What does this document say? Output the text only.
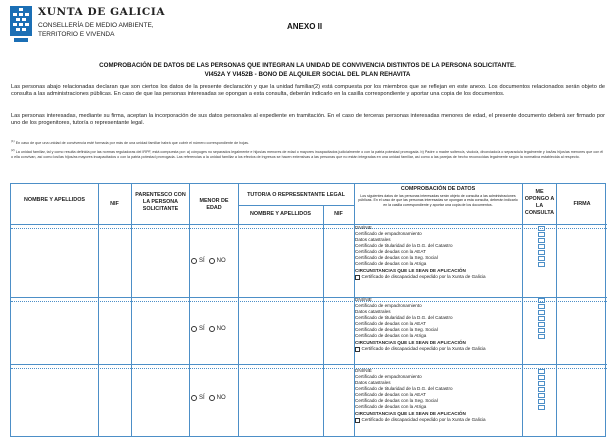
XUNTA DE GALICIA
CONSELLERÍA DE MEDIO AMBIENTE,
TERRITORIO E VIVENDA
ANEXO II
COMPROBACIÓN DE DATOS DE LAS PERSONAS QUE INTEGRAN LA UNIDAD DE CONVIVENCIA DISTINTOS DE LA PERSONA SOLICITANTE.
VI452A Y VI452B - BONO DE ALQUILER SOCIAL DEL PLAN REHAVITA
Las personas abajo relacionadas declaran que son ciertos los datos de la presente declaración y que la unidad familiar(2) está compuesta por los miembros que se reflejan en este anexo. Los documentos relacionados serán objeto de consulta a las administraciones públicas. En caso de que las personas interesadas se opongan a esta consulta, deberán indicarlo en la casilla correspondiente y aportar una copia de los documentos.
Las personas interesadas, mediante su firma, aceptan la incorporación de sus datos personales al expediente en tramitación. En el caso de terceras personas interesadas menores de edad, el presente documento deberá ser firmado por uno de los progenitores, tutor/a o representante legal.
$^{(1)}$ En caso de que una unidad de convivencia esté formada por más de una unidad familiar habrá que cubrir el número correspondiente de hojas.
$^{(2)}$ La unidad familiar, tal y como resulta definida por las normas reguladoras del IRPF, está compuesta por: a) cónyuges no separados legalmente e hijos/as menores de edad o mayores incapacitados judicialmente o con la patria potestad prorrogada. b) Padre o madre soltero/a, viudo/a, divorciado/a o separado/a legalmente y los/las hijos/as menores que con él o ella convivan, así como los/las hijos/as mayores incapacitados o con la patria potestad prorrogada. Las referencias a la unidad familiar a los efectos de ingresos se hacen extensivas a las personas que no están integradas en una unidad familiar, así como a las parejas de hecho reconocidas legalmente según la normativa establecida al respecto.
NOMBRE Y APELLIDOS
NIF
PARENTESCO CON LA PERSONA SOLICITANTE
MENOR DE EDAD
TUTOR/A O REPRESENTANTE LEGAL
NOMBRE Y APELLIDOS	NIF
COMPROBACIÓN DE DATOS
Los siguientes datos de las personas interesadas serán objeto de consulta a las administraciones públicas. En el caso de que las personas interesadas se opongan a esta consulta, deberán indicarlo en la casilla correspondiente y aportar una copia de los documentos.
ME OPONGO A LA CONSULTA
FIRMA
SÍ NO
DNI/NIE
Certificado de empadronamiento
Datos catastrales
Certificado de titularidad de la D.G. del Catastro
Certificado de deudas con la AEAT
Certificado de deudas con la Seg. Social
Certificado de deudas con la Atriga
CIRCUNSTANCIAS QUE LE SEAN DE APLICACIÓN
Certificado de discapacidad expedido por la Xunta de Galicia
SÍ NO
DNI/NIE
Certificado de empadronamiento
Datos catastrales
Certificado de titularidad de la D.G. del Catastro
Certificado de deudas con la AEAT
Certificado de deudas con la Seg. Social
Certificado de deudas con la Atriga
CIRCUNSTANCIAS QUE LE SEAN DE APLICACIÓN
Certificado de discapacidad expedido por la Xunta de Galicia
SÍ NO
DNI/NIE
Certificado de empadronamiento
Datos catastrales
Certificado de titularidad de la D.G. del Catastro
Certificado de deudas con la AEAT
Certificado de deudas con la Seg. Social
Certificado de deudas con la Atriga
CIRCUNSTANCIAS QUE LE SEAN DE APLICACIÓN
Certificado de discapacidad expedido por la Xunta de Galicia
